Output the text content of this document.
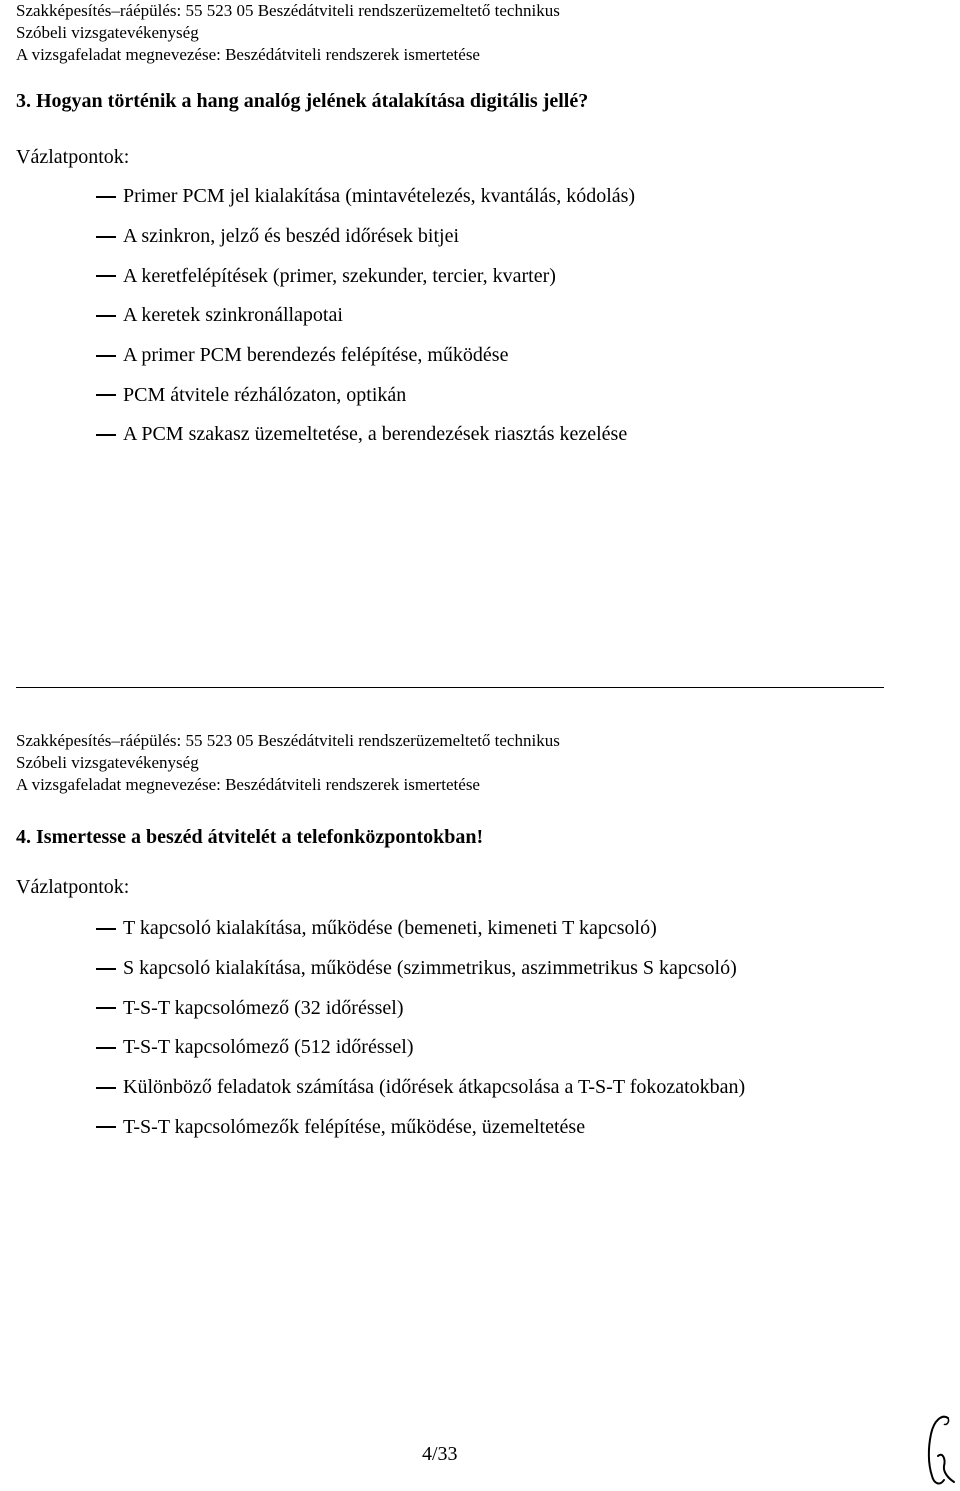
Szakképesítés–ráépülés: 55 523 05 Beszédátviteli rendszerüzemeltető technikus
Szóbeli vizsgatevékenység
A vizsgafeladat megnevezése: Beszédátviteli rendszerek ismertetése
3. Hogyan történik a hang analóg jelének átalakítása digitális jellé?
Vázlatpontok:
Primer PCM jel kialakítása (mintavételezés, kvantálás, kódolás)
A szinkron, jelző és beszéd időrések bitjei
A keretfelépítések (primer, szekunder, tercier, kvarter)
A keretek szinkronállapotai
A primer PCM berendezés felépítése, működése
PCM átvitele rézhálózaton, optikán
A PCM szakasz üzemeltetése, a berendezések riasztás kezelése
Szakképesítés–ráépülés: 55 523 05 Beszédátviteli rendszerüzemeltető technikus
Szóbeli vizsgatevékenység
A vizsgafeladat megnevezése: Beszédátviteli rendszerek ismertetése
4. Ismertesse a beszéd átvitelét a telefonközpontokban!
Vázlatpontok:
T kapcsoló kialakítása, működése (bemeneti, kimeneti T kapcsoló)
S kapcsoló kialakítása, működése (szimmetrikus, aszimmetrikus S kapcsoló)
T-S-T kapcsolómező (32 időréssel)
T-S-T kapcsolómező (512 időréssel)
Különböző feladatok számítása (időrések átkapcsolása a T-S-T fokozatokban)
T-S-T kapcsolómezők felépítése, működése, üzemeltetése
4/33
